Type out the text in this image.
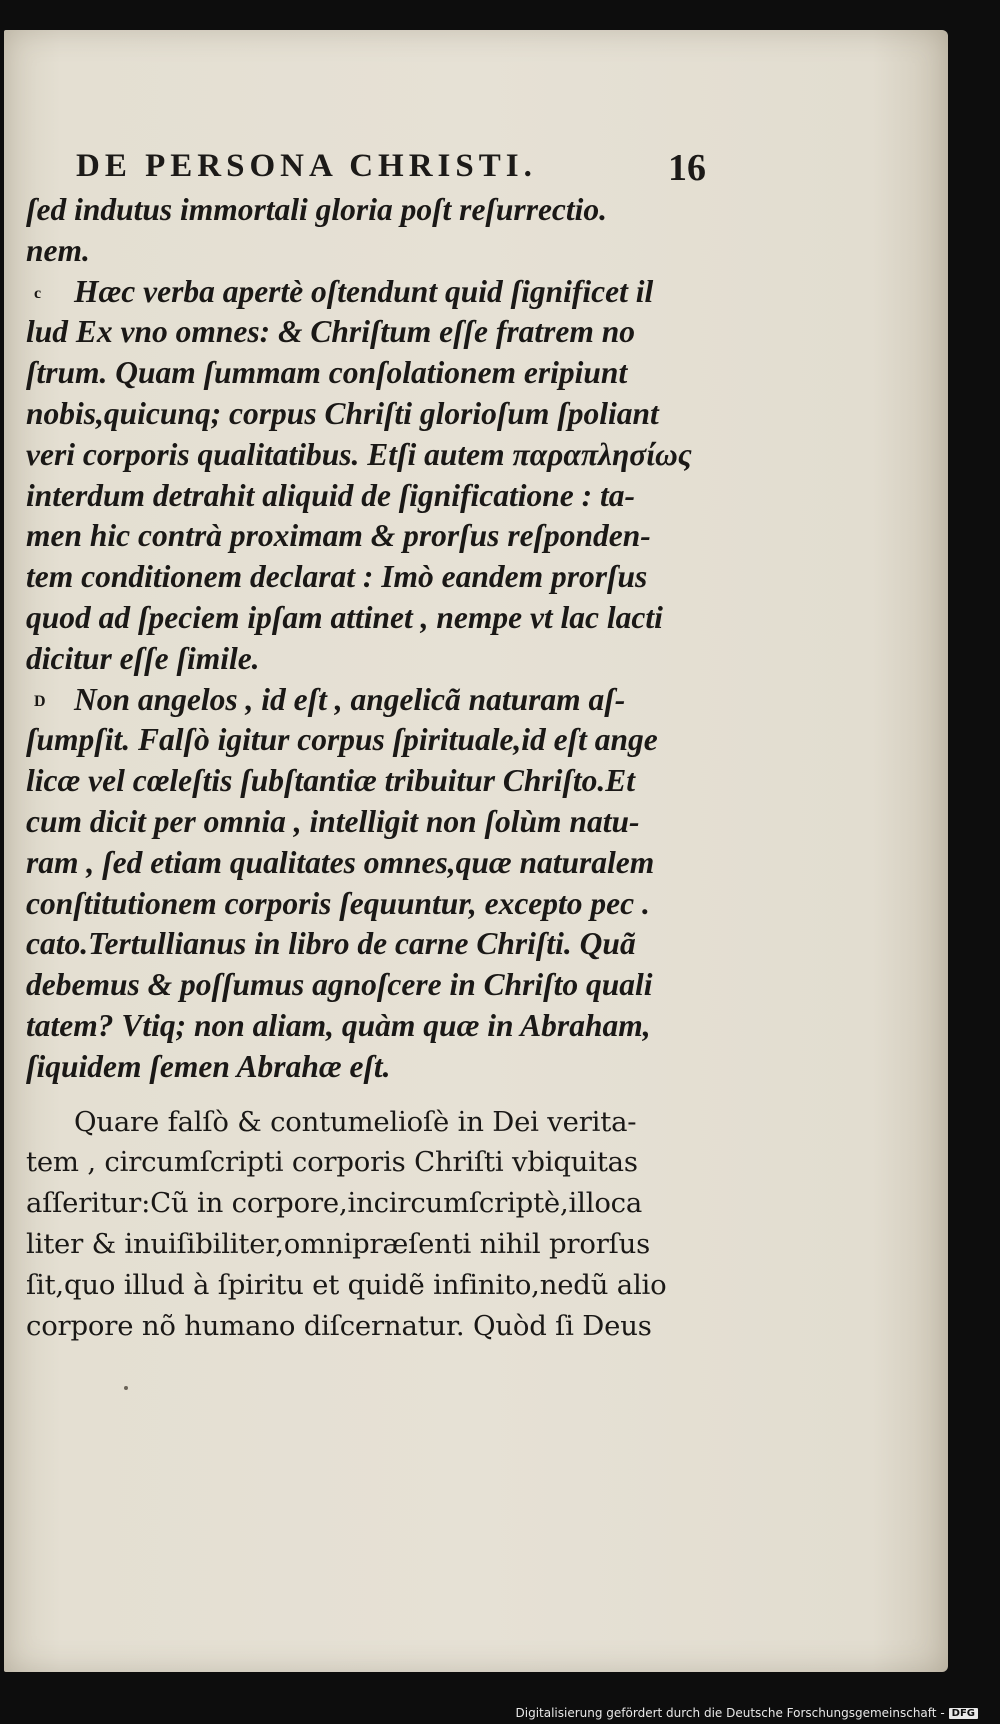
DE PERSONA CHRISTI.	16
ſed indutus immortali gloria poſt reſurrectio.
nem.
c	Hæc verba apertè oſtendunt quid ſignificet il
lud Ex vno omnes: & Chriſtum eſſe fratrem no
ſtrum. Quam ſummam conſolationem eripiunt
nobis,quicunq; corpus Chriſti glorioſum ſpoliant
veri corporis qualitatibus. Etſi autem παραπλησίως
interdum detrahit aliquid de ſignificatione : ta-
men hic contrà proximam & prorſus reſponden-
tem conditionem declarat : Imò eandem prorſus
quod ad ſpeciem ipſam attinet , nempe vt lac lacti
dicitur eſſe ſimile.
D Non angelos , id eſt , angelicã naturam aſ-
ſumpſit. Falſò igitur corpus ſpirituale,id eſt ange
licæ vel cœleſtis ſubſtantiæ tribuitur Chriſto.Et
cum dicit per omnia , intelligit non ſolùm natu-
ram , ſed etiam qualitates omnes,quæ naturalem
conſtitutionem corporis ſequuntur, excepto pec .
cato.Tertullianus in libro de carne Chriſti. Quã
debemus & poſſumus agnoſcere in Chriſto quali
tatem? Vtiq; non aliam, quàm quæ in Abraham,
ſiquidem ſemen Abrahæ eſt.
Quare falſò & contumelioſè in Dei verita-
tem , circumſcripti corporis Chriſti vbiquitas
aſſeritur:Cũ in corpore,incircumſcriptè,illoca
liter & inuiſibiliter,omnipræſenti nihil prorſus
ſit,quo illud à ſpiritu et quidẽ infinito,nedũ alio
corpore nõ humano diſcernatur. Quòd ſi Deus
Digitalisierung gefördert durch die Deutsche Forschungsgemeinschaft - DFG
